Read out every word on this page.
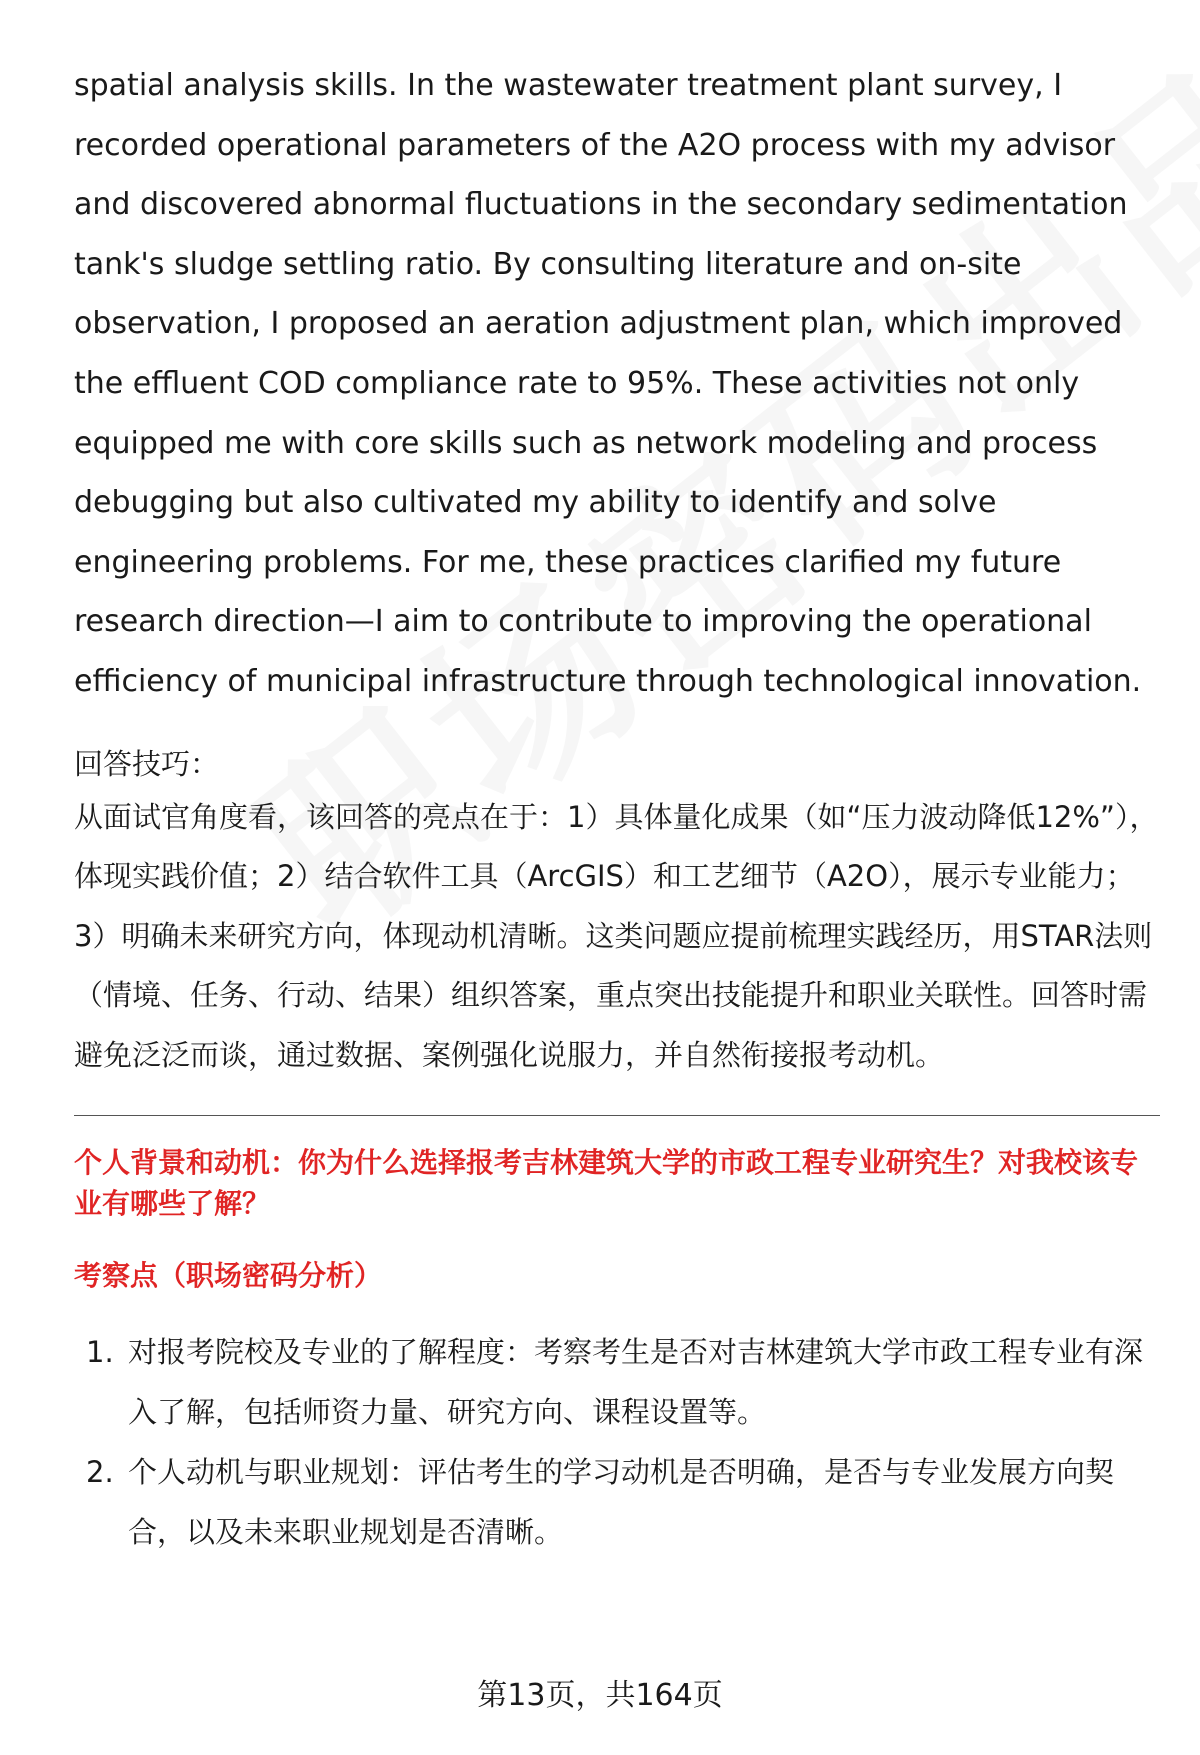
spatial analysis skills. In the wastewater treatment plant survey, I recorded operational parameters of the A2O process with my advisor and discovered abnormal fluctuations in the secondary sedimentation tank's sludge settling ratio. By consulting literature and on-site observation, I proposed an aeration adjustment plan, which improved the effluent COD compliance rate to 95%. These activities not only equipped me with core skills such as network modeling and process debugging but also cultivated my ability to identify and solve engineering problems. For me, these practices clarified my future research direction—I aim to contribute to improving the operational efficiency of municipal infrastructure through technological innovation.

回答技巧：
从面试官角度看，该回答的亮点在于：1）具体量化成果（如“压力波动降低12%”），体现实践价值；2）结合软件工具（ArcGIS）和工艺细节（A2O），展示专业能力；3）明确未来研究方向，体现动机清晰。这类问题应提前梳理实践经历，用STAR法则（情境、任务、行动、结果）组织答案，重点突出技能提升和职业关联性。回答时需避免泛泛而谈，通过数据、案例强化说服力，并自然衔接报考动机。
个人背景和动机：你为什么选择报考吉林建筑大学的市政工程专业研究生？对我校该专业有哪些了解？
考察点（职场密码分析）
1. 对报考院校及专业的了解程度：考察考生是否对吉林建筑大学市政工程专业有深入了解，包括师资力量、研究方向、课程设置等。
2. 个人动机与职业规划：评估考生的学习动机是否明确，是否与专业发展方向契合，以及未来职业规划是否清晰。
第13页，共164页
